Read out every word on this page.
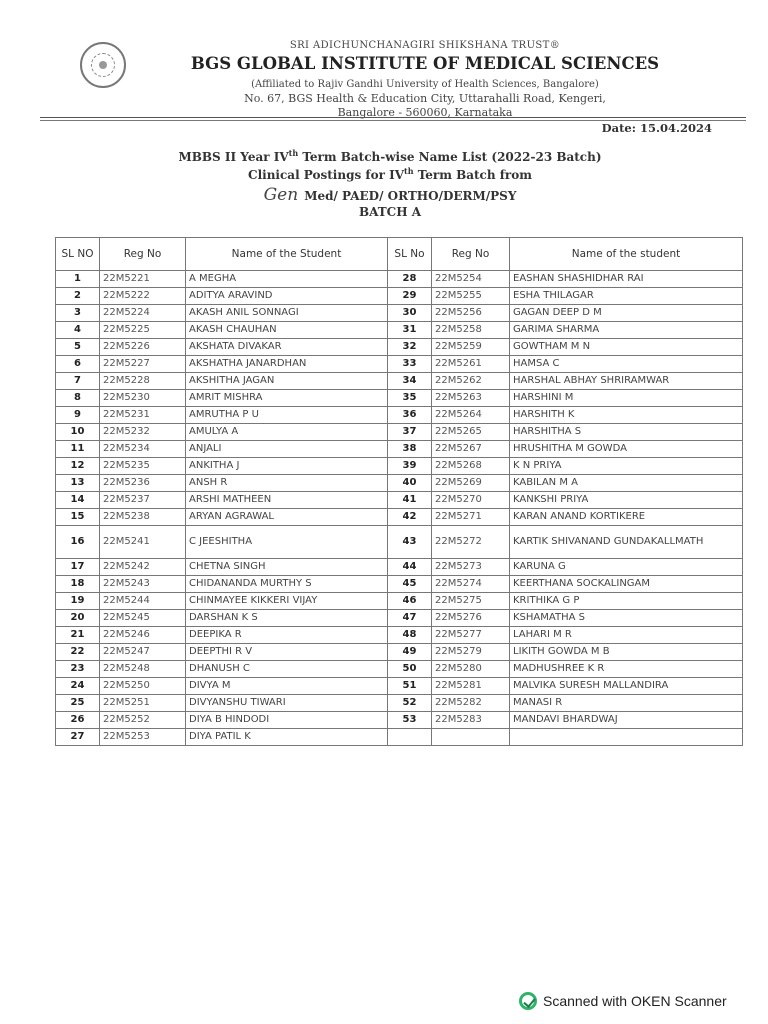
SRI ADICHUNCHANAGIRI SHIKSHANA TRUST®
BGS GLOBAL INSTITUTE OF MEDICAL SCIENCES
(Affiliated to Rajiv Gandhi University of Health Sciences, Bangalore)
No. 67, BGS Health & Education City, Uttarahalli Road, Kengeri,
Bangalore - 560060, Karnataka
Date: 15.04.2024
MBBS II Year IVth Term Batch-wise Name List (2022-23 Batch)
Clinical Postings for IVth Term Batch from
Gen Med/ PAED/ ORTHO/DERM/PSY
BATCH A
SL NO	Reg No	Name of the Student	SL No	Reg No	Name of the student
1	22M5221	A MEGHA	28	22M5254	EASHAN SHASHIDHAR RAI
2	22M5222	ADITYA ARAVIND	29	22M5255	ESHA THILAGAR
3	22M5224	AKASH ANIL SONNAGI	30	22M5256	GAGAN DEEP D M
4	22M5225	AKASH CHAUHAN	31	22M5258	GARIMA SHARMA
5	22M5226	AKSHATA DIVAKAR	32	22M5259	GOWTHAM M N
6	22M5227	AKSHATHA JANARDHAN	33	22M5261	HAMSA C
7	22M5228	AKSHITHA JAGAN	34	22M5262	HARSHAL ABHAY SHRIRAMWAR
8	22M5230	AMRIT MISHRA	35	22M5263	HARSHINI M
9	22M5231	AMRUTHA P U	36	22M5264	HARSHITH K
10	22M5232	AMULYA A	37	22M5265	HARSHITHA S
11	22M5234	ANJALI	38	22M5267	HRUSHITHA M GOWDA
12	22M5235	ANKITHA J	39	22M5268	K N PRIYA
13	22M5236	ANSH R	40	22M5269	KABILAN M A
14	22M5237	ARSHI MATHEEN	41	22M5270	KANKSHI PRIYA
15	22M5238	ARYAN AGRAWAL	42	22M5271	KARAN ANAND KORTIKERE
16	22M5241	C JEESHITHA	43	22M5272	KARTIK SHIVANAND GUNDAKALLMATH
17	22M5242	CHETNA SINGH	44	22M5273	KARUNA G
18	22M5243	CHIDANANDA MURTHY S	45	22M5274	KEERTHANA SOCKALINGAM
19	22M5244	CHINMAYEE KIKKERI VIJAY	46	22M5275	KRITHIKA G P
20	22M5245	DARSHAN K S	47	22M5276	KSHAMATHA S
21	22M5246	DEEPIKA R	48	22M5277	LAHARI M R
22	22M5247	DEEPTHI R V	49	22M5279	LIKITH GOWDA M B
23	22M5248	DHANUSH C	50	22M5280	MADHUSHREE K R
24	22M5250	DIVYA M	51	22M5281	MALVIKA SURESH MALLANDIRA
25	22M5251	DIVYANSHU TIWARI	52	22M5282	MANASI R
26	22M5252	DIYA B HINDODI	53	22M5283	MANDAVI BHARDWAJ
27	22M5253	DIYA PATIL K			
Scanned with OKEN Scanner
